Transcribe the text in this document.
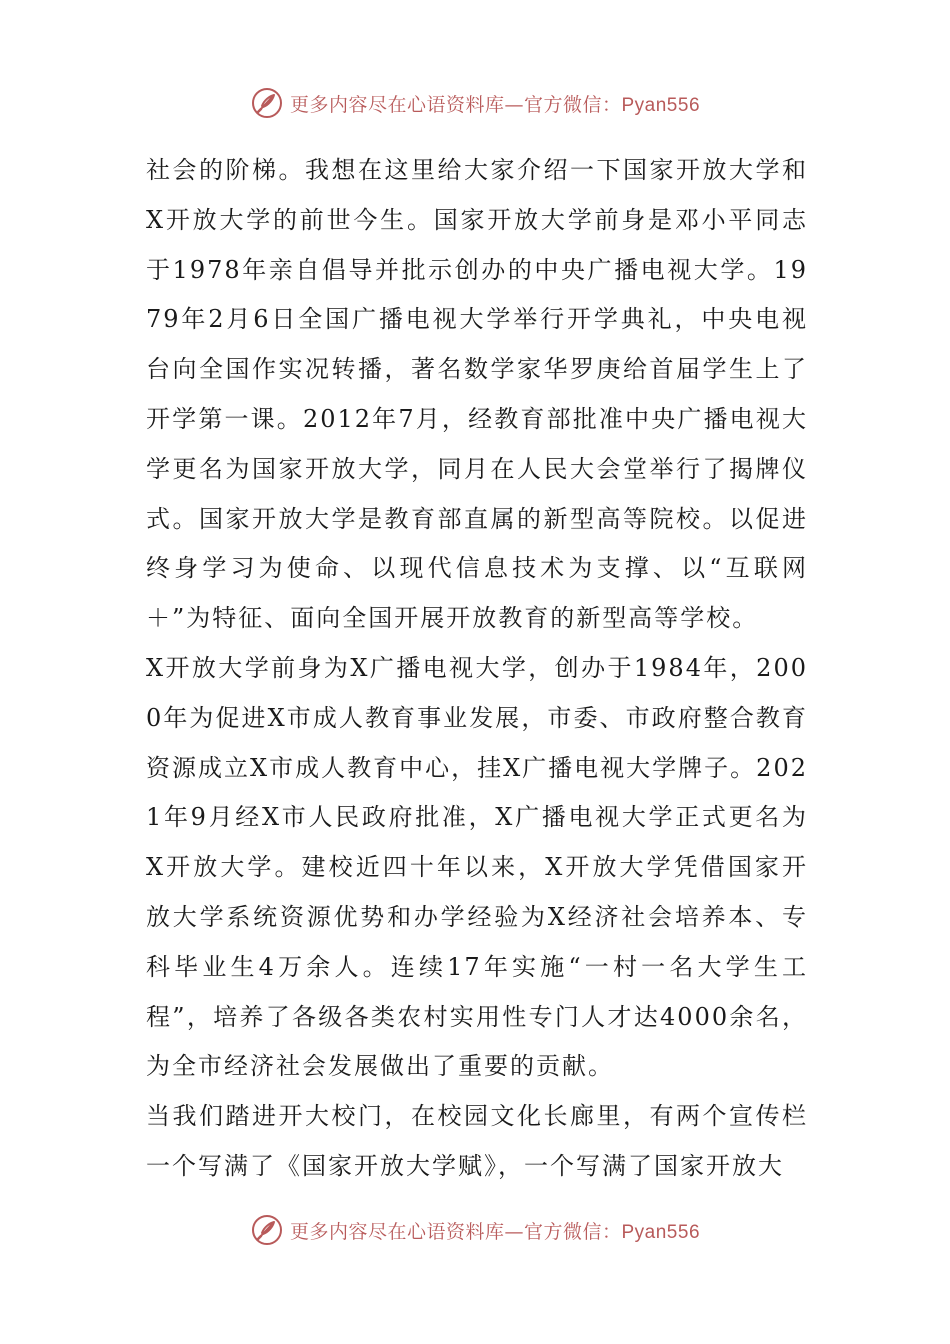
更多内容尽在心语资料库—官方微信：Pyan556

社会的阶梯。我想在这里给大家介绍一下国家开放大学和X开放大学的前世今生。国家开放大学前身是邓小平同志于1978年亲自倡导并批示创办的中央广播电视大学。1979年2月6日全国广播电视大学举行开学典礼，中央电视台向全国作实况转播，著名数学家华罗庚给首届学生上了开学第一课。2012年7月，经教育部批准中央广播电视大学更名为国家开放大学，同月在人民大会堂举行了揭牌仪式。国家开放大学是教育部直属的新型高等院校。以促进终身学习为使命、以现代信息技术为支撑、以“互联网＋”为特征、面向全国开展开放教育的新型高等学校。

X开放大学前身为X广播电视大学，创办于1984年，2000年为促进X市成人教育事业发展，市委、市政府整合教育资源成立X市成人教育中心，挂X广播电视大学牌子。2021年9月经X市人民政府批准，X广播电视大学正式更名为X开放大学。建校近四十年以来，X开放大学凭借国家开放大学系统资源优势和办学经验为X经济社会培养本、专科毕业生4万余人。连续17年实施“一村一名大学生工程”，培养了各级各类农村实用性专门人才达4000余名，为全市经济社会发展做出了重要的贡献。

当我们踏进开大校门，在校园文化长廊里，有两个宣传栏一个写满了《国家开放大学赋》，一个写满了国家开放大

更多内容尽在心语资料库—官方微信：Pyan556
